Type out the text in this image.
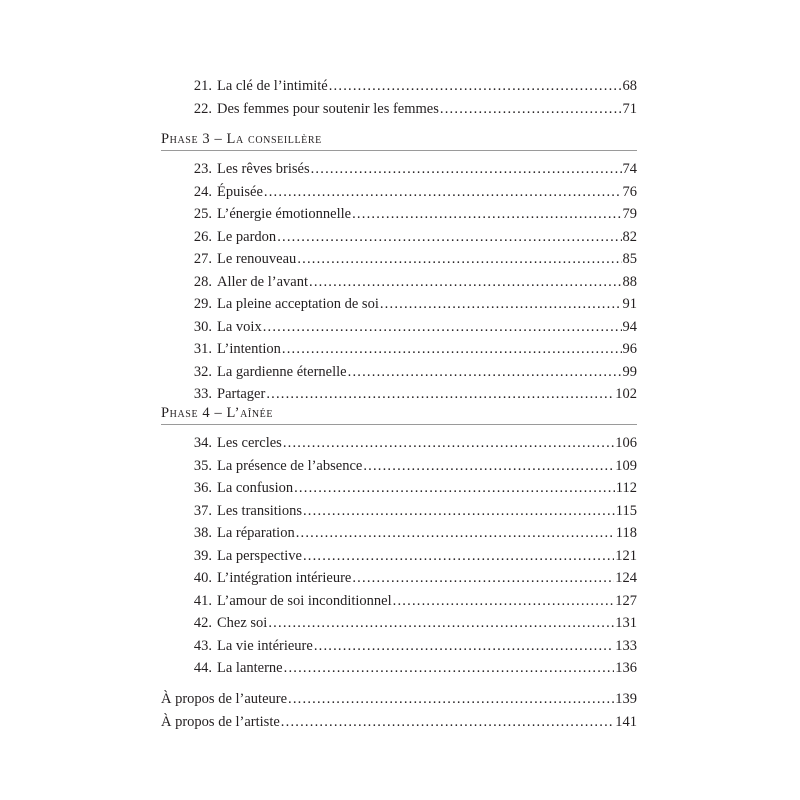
21. La clé de l’intimité .....	68
22. Des femmes pour soutenir les femmes .....	71
Phase 3 – La conseillère
23. Les rêves brisés .....	74
24. Épuisée .....	76
25. L’énergie émotionnelle .....	79
26. Le pardon .....	82
27. Le renouveau .....	85
28. Aller de l’avant .....	88
29. La pleine acceptation de soi .....	91
30. La voix .....	94
31. L’intention .....	96
32. La gardienne éternelle .....	99
33. Partager .....	102
Phase 4 – L’aînée
34. Les cercles .....	106
35. La présence de l’absence .....	109
36. La confusion .....	112
37. Les transitions .....	115
38. La réparation .....	118
39. La perspective .....	121
40. L’intégration intérieure .....	124
41. L’amour de soi inconditionnel .....	127
42. Chez soi .....	131
43. La vie intérieure .....	133
44. La lanterne .....	136
À propos de l’auteure .....	139
À propos de l’artiste .....	141
